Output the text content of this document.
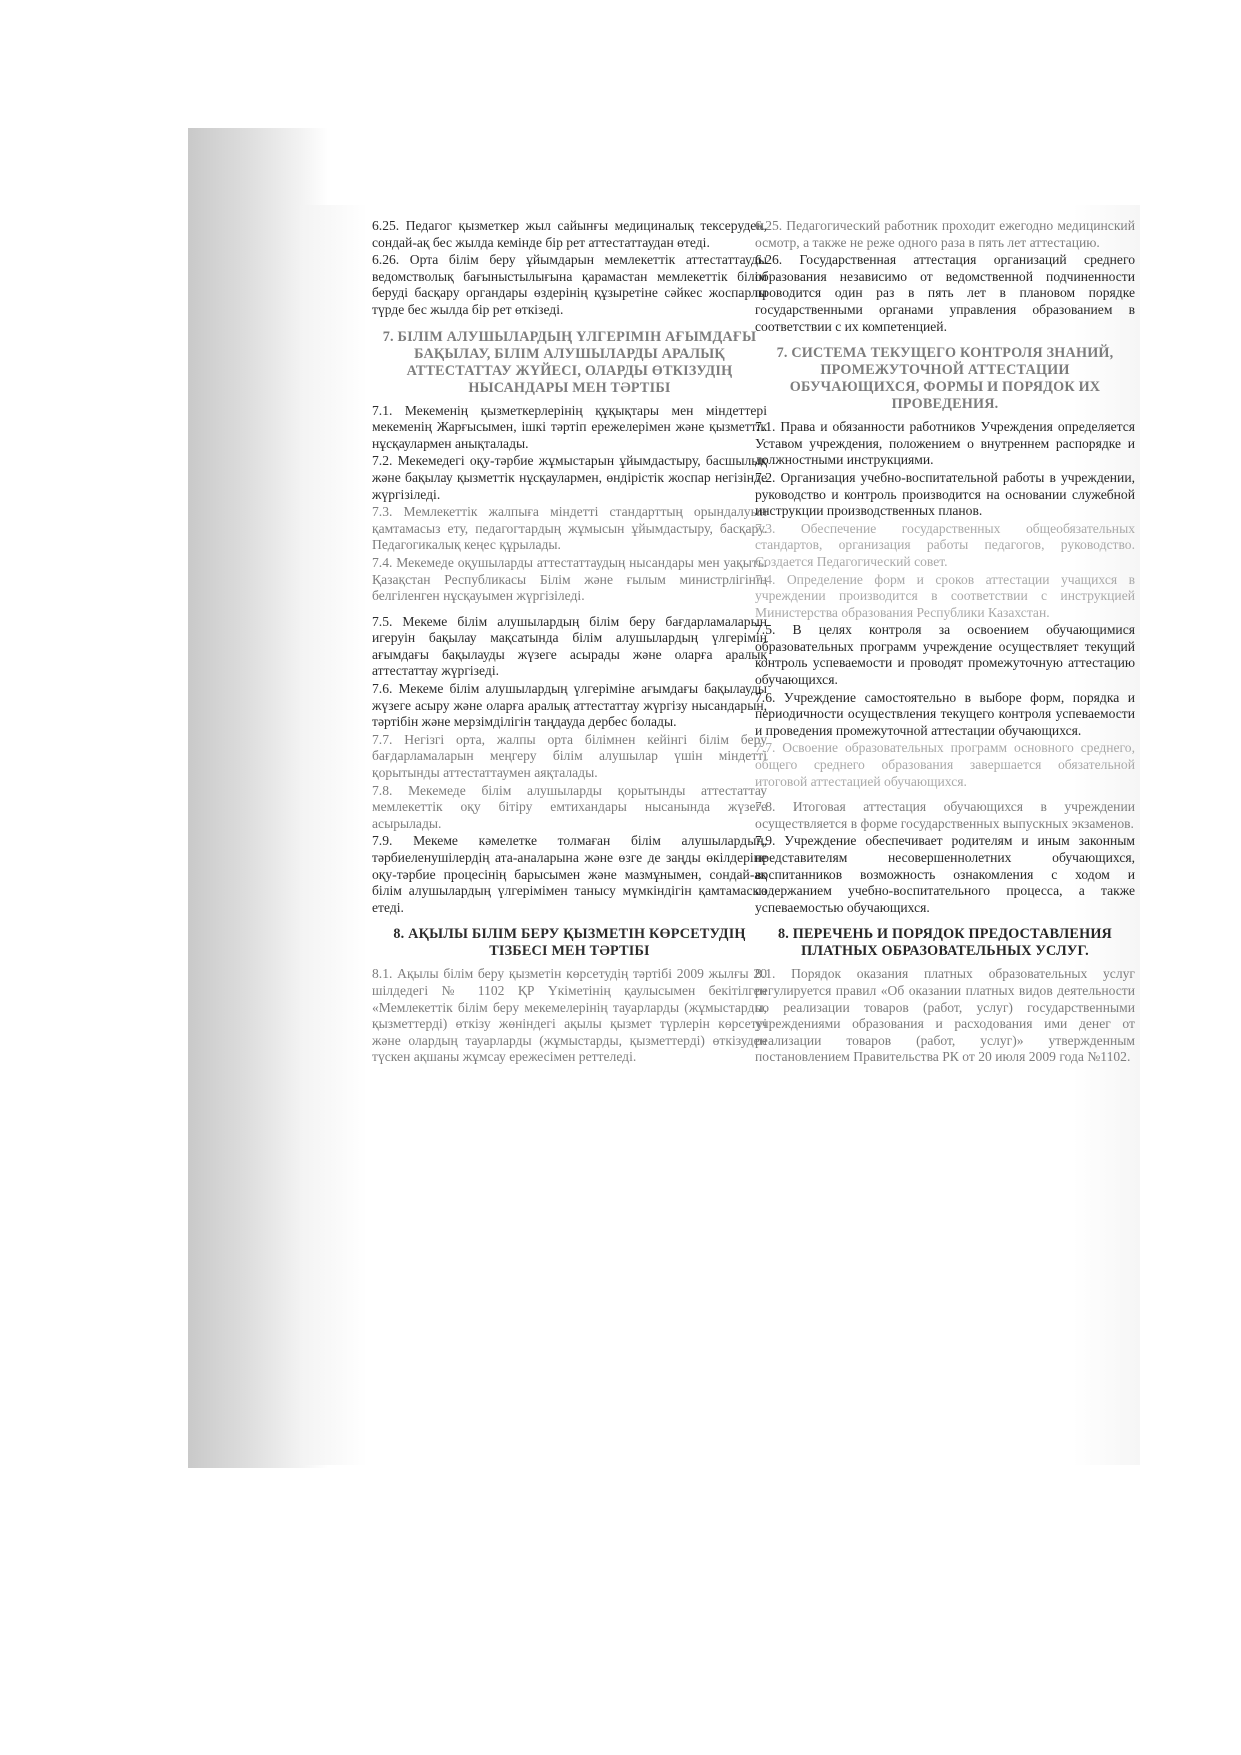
6.25. Педагог қызметкер жыл сайынғы медициналық тексеруден, сондай-ақ бес жылда кемінде бір рет аттестаттаудан өтеді.

6.26. Орта білім беру ұйымдарын мемлекеттік аттестаттауды ведомстволық бағыныстылығына қарамастан мемлекеттік білім беруді басқару органдары өздерінің құзыретіне сәйкес жоспарлы түрде бес жылда бір рет өткізеді.

7. БІЛІМ АЛУШЫЛАРДЫҢ ҮЛГЕРІМІН АҒЫМДАҒЫ БАҚЫЛАУ, БІЛІМ АЛУШЫЛАРДЫ АРАЛЫҚ АТТЕСТАТТАУ ЖҮЙЕСІ, ОЛАРДЫ ӨТКІЗУДІҢ НЫСАНДАРЫ МЕН ТӘРТІБІ

7.1. Мекеменің қызметкерлерінің құқықтары мен міндеттері мекеменің Жарғысымен, ішкі тәртіп ережелерімен және қызметтік нұсқаулармен анықталады.

7.2. Мекемедегі оқу-тәрбие жұмыстарын ұйымдастыру, басшылық және бақылау қызметтік нұсқаулармен, өндірістік жоспар негізінде жүргізіледі.

7.3. Мемлекеттік жалпыға міндетті стандарттың орындалуын қамтамасыз ету, педагогтардың жұмысын ұйымдастыру, басқару. Педагогикалық кеңес құрылады.

7.4. Мекемеде оқушыларды аттестаттаудың нысандары мен уақыты Қазақстан Республикасы Білім және ғылым министрлігінің белгіленген нұсқауымен жүргізіледі.

7.5. Мекеме білім алушылардың білім беру бағдарламаларын игеруін бақылау мақсатында білім алушылардың үлгерімін ағымдағы бақылауды жүзеге асырады және оларға аралық аттестаттау жүргізеді.

7.6. Мекеме білім алушылардың үлгеріміне ағымдағы бақылауды жүзеге асыру және оларға аралық аттестаттау жүргізу нысандарын, тәртібін және мерзімділігін таңдауда дербес болады.

7.7. Негізгі орта, жалпы орта білімнен кейінгі білім беру бағдарламаларын меңгеру білім алушылар үшін міндетті қорытынды аттестаттаумен аяқталады.

7.8. Мекемеде білім алушыларды қорытынды аттестаттау мемлекеттік оқу бітіру емтихандары нысанында жүзеге асырылады.

7.9. Мекеме кәмелетке толмаған білім алушылардың, тәрбиеленушілердің ата-аналарына және өзге де заңды өкілдеріне оқу-тәрбие процесінің барысымен және мазмұнымен, сондай-ақ білім алушылардың үлгерімімен танысу мүмкіндігін қамтамасыз етеді.

8. АҚЫЛЫ БІЛІМ БЕРУ ҚЫЗМЕТІН КӨРСЕТУДІҢ ТІЗБЕСІ МЕН ТӘРТІБІ

8.1. Ақылы білім беру қызметін көрсетудің тәртібі 2009 жылғы 20 шілдедегі № 1102 ҚР Үкіметінің қаулысымен бекітілген «Мемлекеттік білім беру мекемелерінің тауарларды (жұмыстарды, қызметтерді) өткізу жөніндегі ақылы қызмет түрлерін көрсетуі және олардың тауарларды (жұмыстарды, қызметтерді) өткізуден түскен ақшаны жұмсау ережесімен реттеледі.

6.25. Педагогический работник проходит ежегодно медицинский осмотр, а также не реже одного раза в пять лет аттестацию.

6.26. Государственная аттестация организаций среднего образования независимо от ведомственной подчиненности проводится один раз в пять лет в плановом порядке государственными органами управления образованием в соответствии с их компетенцией.

7. СИСТЕМА ТЕКУЩЕГО КОНТРОЛЯ ЗНАНИЙ, ПРОМЕЖУТОЧНОЙ АТТЕСТАЦИИ ОБУЧАЮЩИХСЯ, ФОРМЫ И ПОРЯДОК ИХ ПРОВЕДЕНИЯ.

7.1. Права и обязанности работников Учреждения определяется Уставом учреждения, положением о внутреннем распорядке и должностными инструкциями.

7.2. Организация учебно-воспитательной работы в учреждении, руководство и контроль производится на основании служебной инструкции производственных планов.

7.3. Обеспечение государственных общеобязательных стандартов, организация работы педагогов, руководство. Создается Педагогический совет.

7.4. Определение форм и сроков аттестации учащихся в учреждении производится в соответствии с инструкцией Министерства образования Республики Казахстан.

7.5. В целях контроля за освоением обучающимися образовательных программ учреждение осуществляет текущий контроль успеваемости и проводят промежуточную аттестацию обучающихся.

7.6. Учреждение самостоятельно в выборе форм, порядка и периодичности осуществления текущего контроля успеваемости и проведения промежуточной аттестации обучающихся.

7.7. Освоение образовательных программ основного среднего, общего среднего образования завершается обязательной итоговой аттестацией обучающихся.

7.8. Итоговая аттестация обучающихся в учреждении осуществляется в форме государственных выпускных экзаменов.

7.9. Учреждение обеспечивает родителям и иным законным представителям несовершеннолетних обучающихся, воспитанников возможность ознакомления с ходом и содержанием учебно-воспитательного процесса, а также успеваемостью обучающихся.

8. ПЕРЕЧЕНЬ И ПОРЯДОК ПРЕДОСТАВЛЕНИЯ ПЛАТНЫХ ОБРАЗОВАТЕЛЬНЫХ УСЛУГ.

8.1. Порядок оказания платных образовательных услуг регулируется правил «Об оказании платных видов деятельности по реализации товаров (работ, услуг) государственными учреждениями образования и расходования ими денег от реализации товаров (работ, услуг)» утвержденным постановлением Правительства РК от 20 июля 2009 года №1102.
